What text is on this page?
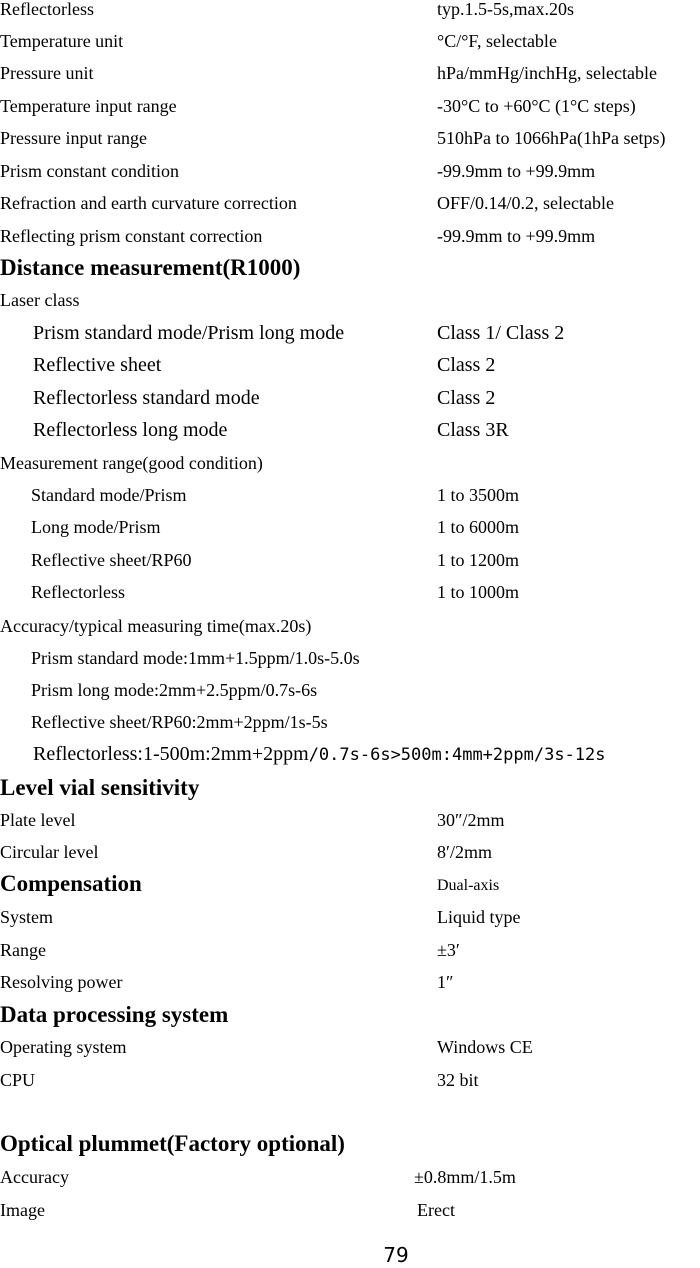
Reflectorless	typ.1.5-5s,max.20s
Temperature unit	°C/°F, selectable
Pressure unit	hPa/mmHg/inchHg, selectable
Temperature input range	-30°C to +60°C (1°C steps)
Pressure input range	510hPa to 1066hPa(1hPa setps)
Prism constant condition	-99.9mm to +99.9mm
Refraction and earth curvature correction	OFF/0.14/0.2, selectable
Reflecting prism constant correction	-99.9mm to +99.9mm
Distance measurement(R1000)
Laser class
Prism standard mode/Prism long mode	Class 1/ Class 2
Reflective sheet	Class 2
Reflectorless standard mode	Class 2
Reflectorless long mode	Class 3R
Measurement range(good condition)
Standard mode/Prism	1 to 3500m
Long mode/Prism	1 to 6000m
Reflective sheet/RP60	1 to 1200m
Reflectorless	1 to 1000m
Accuracy/typical measuring time(max.20s)
Prism standard mode:1mm+1.5ppm/1.0s-5.0s
Prism long mode:2mm+2.5ppm/0.7s-6s
Reflective sheet/RP60:2mm+2ppm/1s-5s
Reflectorless:1-500m:2mm+2ppm/0.7s-6s>500m:4mm+2ppm/3s-12s
Level vial sensitivity
Plate level	30″/2mm
Circular level	8′/2mm
Compensation	Dual-axis
System	Liquid type
Range	±3′
Resolving power	1″
Data processing system
Operating system	Windows CE
CPU	32 bit
Optical plummet(Factory optional)
Accuracy	±0.8mm/1.5m
Image	Erect
79
